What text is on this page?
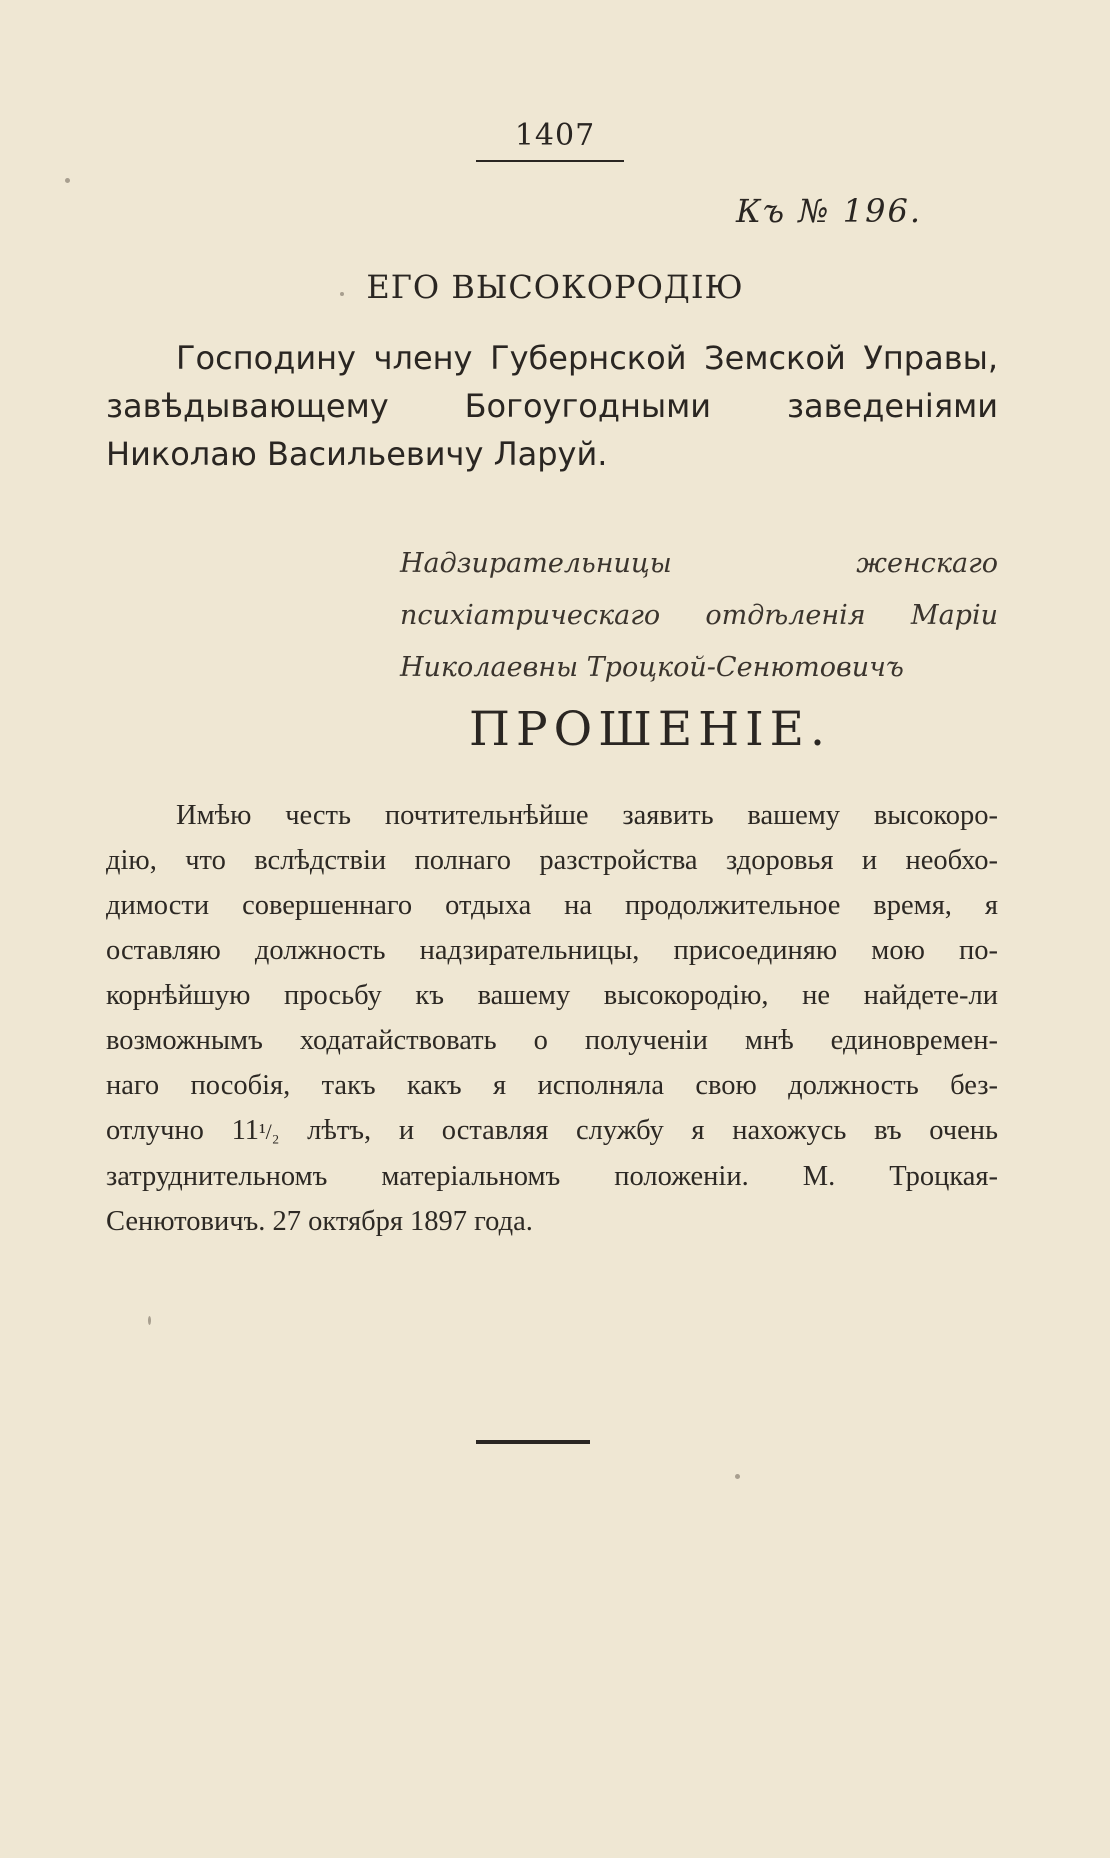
1407
Къ № 196.
ЕГО ВЫСОКОРОДІЮ
Господину члену Губернской Земской Управы, завѣдывающему Богоугодными заведеніями Николаю Васильевичу Ларуй.
Надзирательницы женскаго психіатрическаго отдѣленія Маріи Николаевны Троцкой-Сенютовичъ
ПРОШЕНІЕ.
Имѣю честь почтительнѣйше заявить вашему высокоро-
дію, что вслѣдствіи полнаго разстройства здоровья и необхо-
димости совершеннаго отдыха на продолжительное время, я
оставляю должность надзирательницы, присоединяю мою по-
корнѣйшую просьбу къ вашему высокородію, не найдете-ли
возможнымъ ходатайствовать о полученіи мнѣ единовремен-
наго пособія, такъ какъ я исполняла свою должность без-
отлучно 11¹/₂ лѣтъ, и оставляя службу я нахожусь въ очень
затруднительномъ матеріальномъ положеніи. М. Троцкая-
Сенютовичъ. 27 октября 1897 года.
